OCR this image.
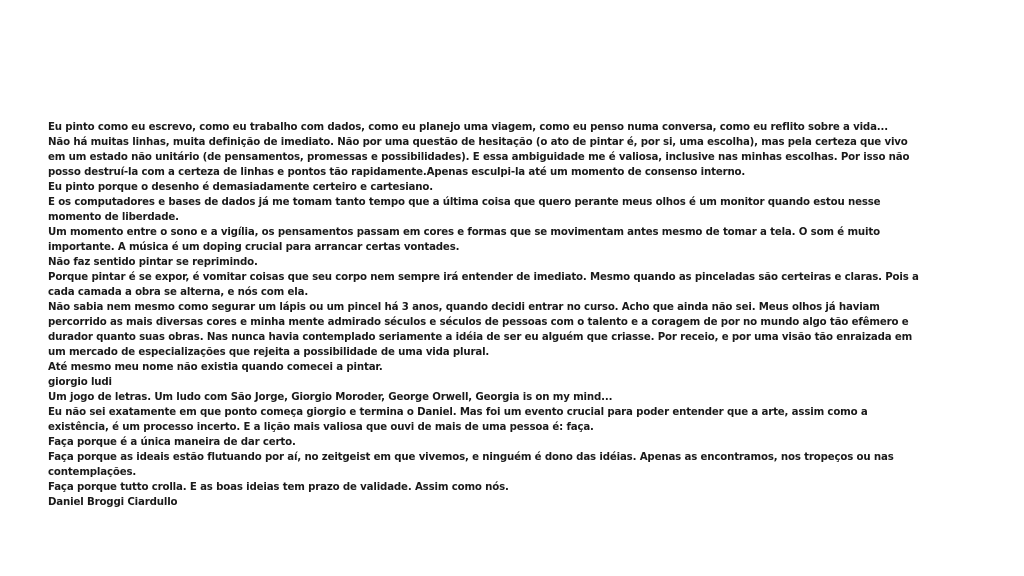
Eu pinto como eu escrevo, como eu trabalho com dados, como eu planejo uma viagem, como eu penso numa conversa, como eu reflito sobre a vida...

Não há muitas linhas, muita definição de imediato. Não por uma questão de hesitação (o ato de pintar é, por si, uma escolha), mas pela certeza que vivo em um estado não unitário (de pensamentos, promessas e possibilidades). E essa ambiguidade me é valiosa, inclusive nas minhas escolhas. Por isso não posso destruí-la com a certeza de linhas e pontos tão rapidamente.Apenas esculpi-la até um momento de consenso interno.

Eu pinto porque o desenho é demasiadamente certeiro e cartesiano.

E os computadores e bases de dados já me tomam tanto tempo que a última coisa que quero perante meus olhos é um monitor quando estou nesse momento de liberdade.

Um momento entre o sono e a vigília, os pensamentos passam em cores e formas que se movimentam antes mesmo de tomar a tela. O som é muito importante. A música é um doping crucial para arrancar certas vontades.

Não faz sentido pintar se reprimindo.

Porque pintar é se expor, é vomitar coisas que seu corpo nem sempre irá entender de imediato. Mesmo quando as pinceladas são certeiras e claras. Pois a cada camada a obra se alterna, e nós com ela.

Não sabia nem mesmo como segurar um lápis ou um pincel há 3 anos, quando decidi entrar no curso. Acho que ainda não sei. Meus olhos já haviam percorrido as mais diversas cores e minha mente admirado séculos e séculos de pessoas com o talento e a coragem de por no mundo algo tão efêmero e durador quanto suas obras. Nas nunca havia contemplado seriamente a idéia de ser eu alguém que criasse. Por receio, e por uma visão tão enraizada em um mercado de especializações que rejeita a possibilidade de uma vida plural.

Até mesmo meu nome não existia quando comecei a pintar.

giorgio ludi

Um jogo de letras. Um ludo com São Jorge, Giorgio Moroder, George Orwell, Georgia is on my mind...

Eu não sei exatamente em que ponto começa giorgio e termina o Daniel. Mas foi um evento crucial para poder entender que a arte, assim como a existência, é um processo incerto. E a lição mais valiosa que ouvi de mais de uma pessoa é: faça.

Faça porque é a única maneira de dar certo.

Faça porque as ideais estão flutuando por aí, no zeitgeist em que vivemos, e ninguém é dono das idéias. Apenas as encontramos, nos tropeços ou nas contemplações.

Faça porque tutto crolla. E as boas ideias tem prazo de validade. Assim como nós.

Daniel Broggi Ciardullo
